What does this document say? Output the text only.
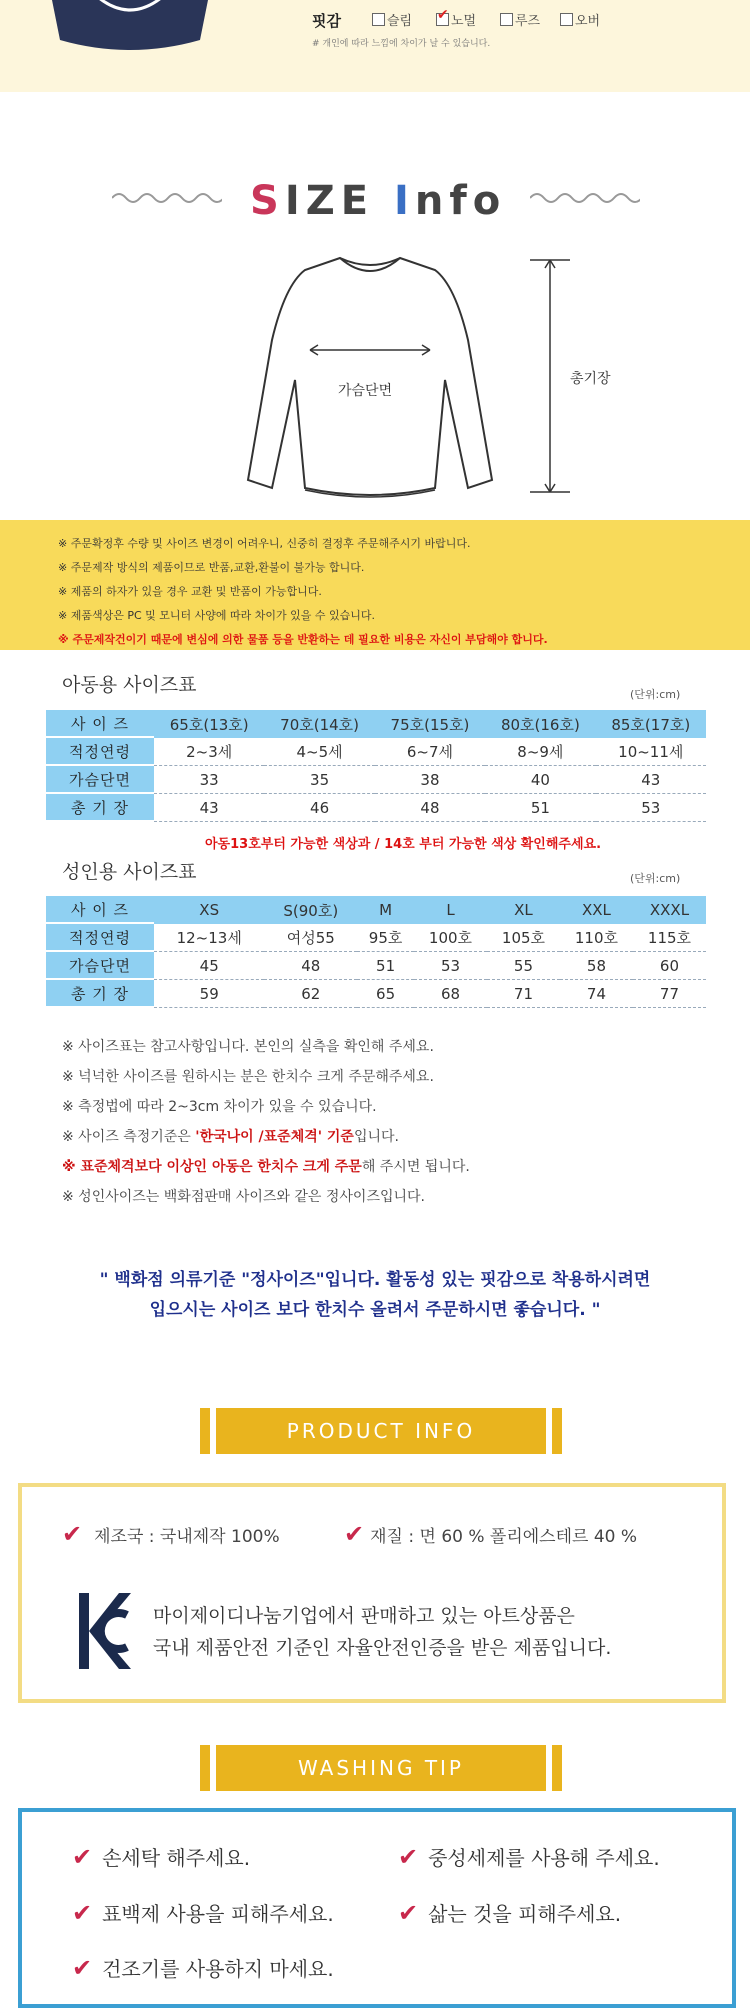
핏감	슬림 ✔	노멀	루즈	오버
# 개인에 따라 느낌에 차이가 날 수 있습니다.
SIZE Info
가슴단면
총기장
※ 주문확정후 수량 및 사이즈 변경이 어려우니, 신중히 결정후 주문해주시기 바랍니다.
※ 주문제작 방식의 제품이므로 반품,교환,환불이 불가능 합니다.
※ 제품의 하자가 있을 경우 교환 및 반품이 가능합니다.
※ 제품색상은 PC 및 모니터 사양에 따라 차이가 있을 수 있습니다.
※ 주문제작건이기 때문에 변심에 의한 물품 등을 반환하는 데 필요한 비용은 자신이 부담해야 합니다.
아동용 사이즈표	(단위:cm)
사 이 즈		65호(13호)	70호(14호)	75호(15호)	80호(16호)	85호(17호)
적정연령		2~3세	4~5세	6~7세	8~9세	10~11세
가슴단면		33	35	38	40	43
총 기 장		43	46	48	51	53
아동13호부터 가능한 색상과 / 14호 부터 가능한 색상 확인해주세요.
성인용 사이즈표	(단위:cm)
사 이 즈	XS	S(90호)	M	L	XL	XXL	XXXL
적정연령	12~13세	여성55	95호	100호	105호	110호	115호
가슴단면	45	48	51	53	55	58	60
총 기 장	59	62	65	68	71	74	77
※ 사이즈표는 참고사항입니다. 본인의 실측을 확인해 주세요.
※ 넉넉한 사이즈를 원하시는 분은 한치수 크게 주문해주세요.
※ 측정법에 따라 2~3cm 차이가 있을 수 있습니다.
※ 사이즈 측정기준은 '한국나이 /표준체격' 기준입니다.
※ 표준체격보다 이상인 아동은 한치수 크게 주문해 주시면 됩니다.
※ 성인사이즈는 백화점판매 사이즈와 같은 정사이즈입니다.
" 백화점 의류기준 "정사이즈"입니다. 활동성 있는 핏감으로 착용하시려면
입으시는 사이즈 보다 한치수 올려서 주문하시면 좋습니다. "
PRODUCT INFO
✔ 제조국 : 국내제작 100%	✔ 재질 : 면 60 % 폴리에스테르 40 %
마이제이디나눔기업에서 판매하고 있는 아트상품은
국내 제품안전 기준인 자율안전인증을 받은 제품입니다.
WASHING TIP
✔ 손세탁 해주세요.	✔ 중성세제를 사용해 주세요.
✔ 표백제 사용을 피해주세요.	✔ 삶는 것을 피해주세요.
✔ 건조기를 사용하지 마세요.
